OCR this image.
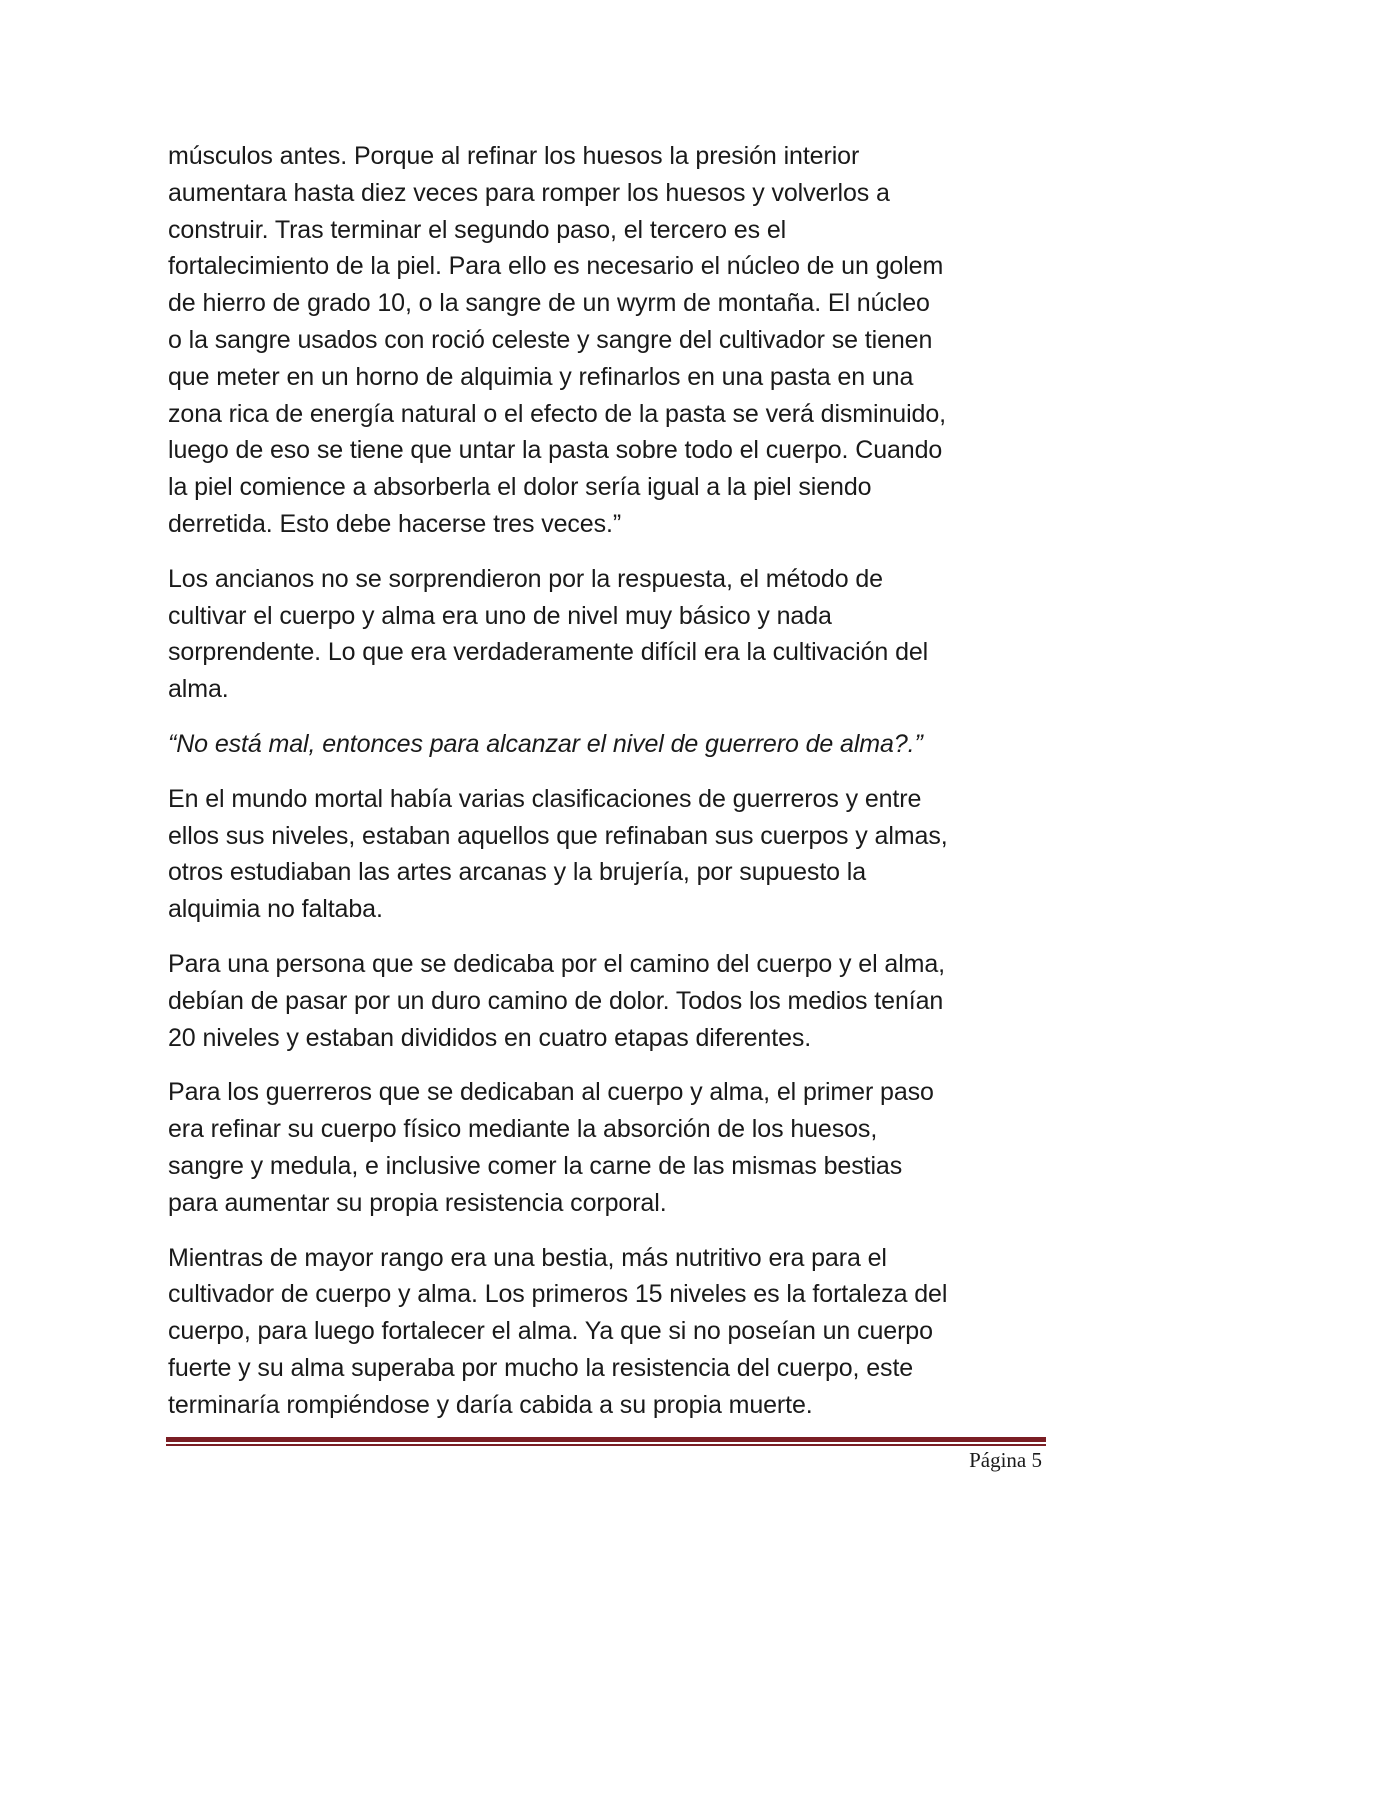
músculos antes. Porque al refinar los huesos la presión interior
aumentara hasta diez veces para romper los huesos y volverlos a
construir. Tras terminar el segundo paso, el tercero es el
fortalecimiento de la piel. Para ello es necesario el núcleo de un golem
de hierro de grado 10, o la sangre de un wyrm de montaña. El núcleo
o la sangre usados con roció celeste y sangre del cultivador se tienen
que meter en un horno de alquimia y refinarlos en una pasta en una
zona rica de energía natural o el efecto de la pasta se verá disminuido,
luego de eso se tiene que untar la pasta sobre todo el cuerpo. Cuando
la piel comience a absorberla el dolor sería igual a la piel siendo
derretida. Esto debe hacerse tres veces.”

Los ancianos no se sorprendieron por la respuesta, el método de
cultivar el cuerpo y alma era uno de nivel muy básico y nada
sorprendente. Lo que era verdaderamente difícil era la cultivación del
alma.

“No está mal, entonces para alcanzar el nivel de guerrero de alma?.”

En el mundo mortal había varias clasificaciones de guerreros y entre
ellos sus niveles, estaban aquellos que refinaban sus cuerpos y almas,
otros estudiaban las artes arcanas y la brujería, por supuesto la
alquimia no faltaba.

Para una persona que se dedicaba por el camino del cuerpo y el alma,
debían de pasar por un duro camino de dolor. Todos los medios tenían
20 niveles y estaban divididos en cuatro etapas diferentes.

Para los guerreros que se dedicaban al cuerpo y alma, el primer paso
era refinar su cuerpo físico mediante la absorción de los huesos,
sangre y medula, e inclusive comer la carne de las mismas bestias
para aumentar su propia resistencia corporal.

Mientras de mayor rango era una bestia, más nutritivo era para el
cultivador de cuerpo y alma. Los primeros 15 niveles es la fortaleza del
cuerpo, para luego fortalecer el alma. Ya que si no poseían un cuerpo
fuerte y su alma superaba por mucho la resistencia del cuerpo, este
terminaría rompiéndose y daría cabida a su propia muerte.

Página 5
